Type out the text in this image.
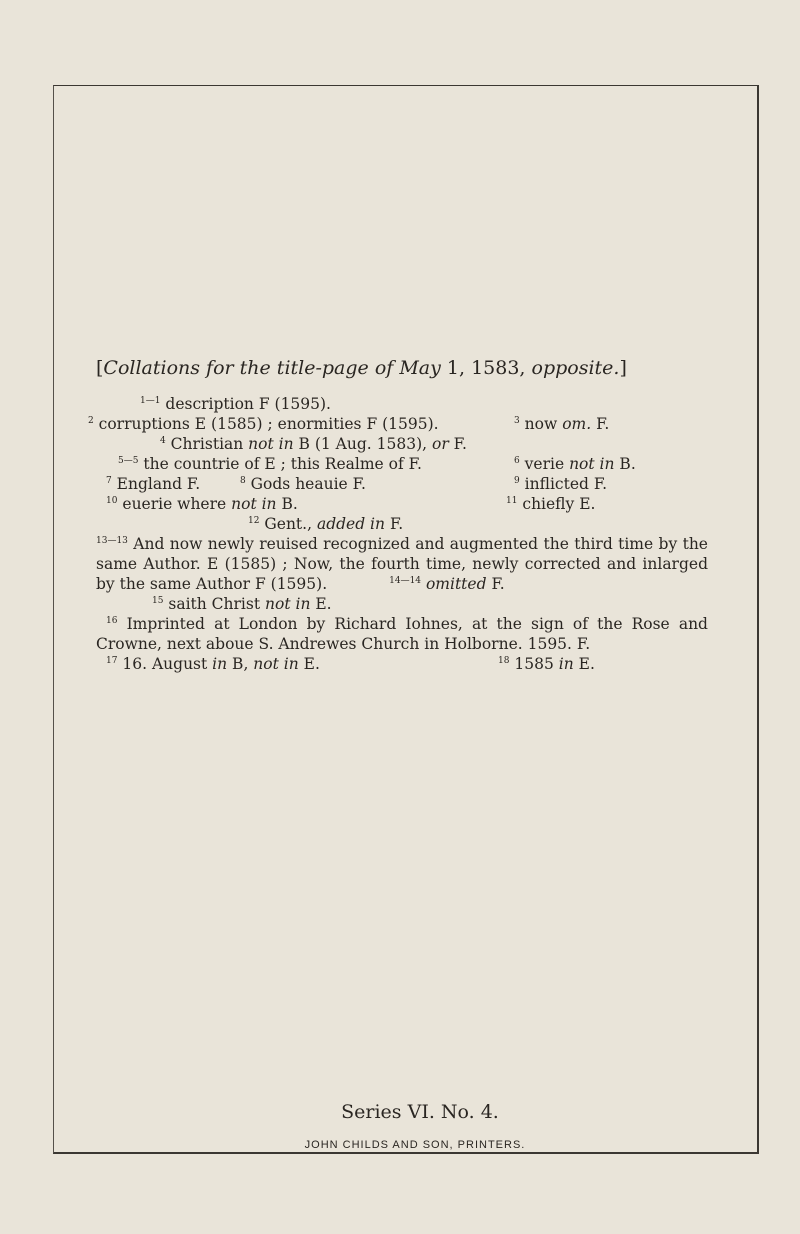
[Collations for the title-page of May 1, 1583, opposite.]
$^{1—1}$ description F (1595).
$^2$ corruptions E (1585) ; enormities F (1595).	$^3$ now om. F.
$^4$ Christian not in B (1 Aug. 1583), or F.
$^{5—5}$ the countrie of E ; this Realme of F.	$^6$ verie not in B.
$^7$ England F.	$^8$ Gods heauie F.	$^9$ inflicted F.
$^{10}$ euerie where not in B.	$^{11}$ chiefly E.
$^{12}$ Gent., added in F.
$^{13—13}$ And now newly reuised recognized and augmented the third time by the same Author. E (1585) ; Now, the fourth time, newly corrected and inlarged by the same Author F (1595).	$^{14—14}$ omitted F.
$^{15}$ saith Christ not in E.
$^{16}$ Imprinted at London by Richard Iohnes, at the sign of the Rose and Crowne, next aboue S. Andrewes Church in Holborne. 1595. F.
$^{17}$ 16. August in B, not in E.	$^{18}$ 1585 in E.
Series VI. No. 4.
JOHN CHILDS AND SON, PRINTERS.
